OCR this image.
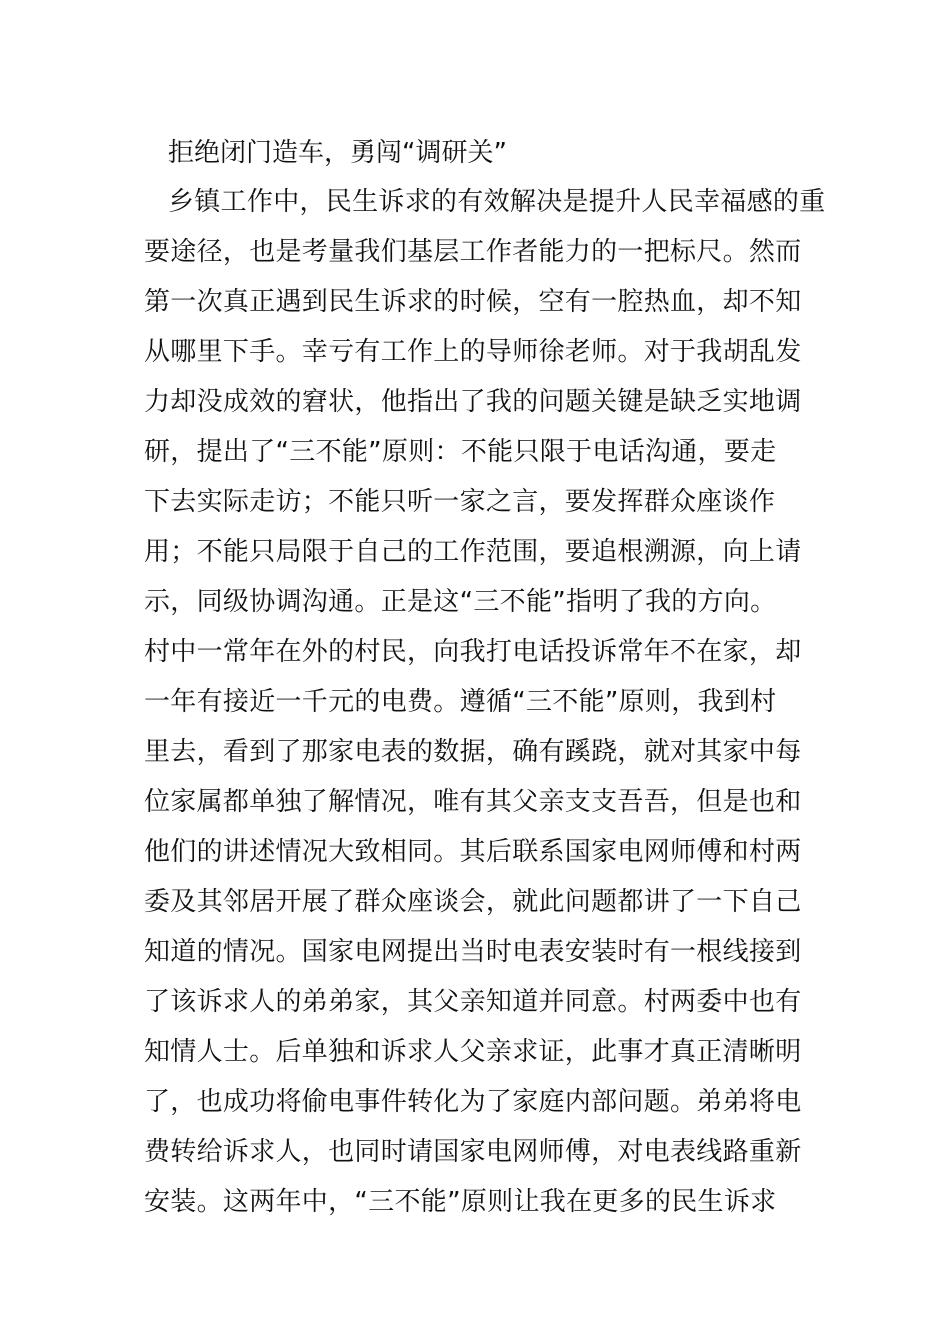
拒绝闭门造车，勇闯“调研关”
乡镇工作中，民生诉求的有效解决是提升人民幸福感的重
要途径，也是考量我们基层工作者能力的一把标尺。然而
第一次真正遇到民生诉求的时候，空有一腔热血，却不知
从哪里下手。幸亏有工作上的导师徐老师。对于我胡乱发
力却没成效的窘状，他指出了我的问题关键是缺乏实地调
研，提出了“三不能”原则：不能只限于电话沟通，要走
下去实际走访；不能只听一家之言，要发挥群众座谈作
用；不能只局限于自己的工作范围，要追根溯源，向上请
示，同级协调沟通。正是这“三不能”指明了我的方向。
村中一常年在外的村民，向我打电话投诉常年不在家，却
一年有接近一千元的电费。遵循“三不能”原则，我到村
里去，看到了那家电表的数据，确有蹊跷，就对其家中每
位家属都单独了解情况，唯有其父亲支支吾吾，但是也和
他们的讲述情况大致相同。其后联系国家电网师傅和村两
委及其邻居开展了群众座谈会，就此问题都讲了一下自己
知道的情况。国家电网提出当时电表安装时有一根线接到
了该诉求人的弟弟家，其父亲知道并同意。村两委中也有
知情人士。后单独和诉求人父亲求证，此事才真正清晰明
了，也成功将偷电事件转化为了家庭内部问题。弟弟将电
费转给诉求人，也同时请国家电网师傅，对电表线路重新
安装。这两年中，“三不能”原则让我在更多的民生诉求
